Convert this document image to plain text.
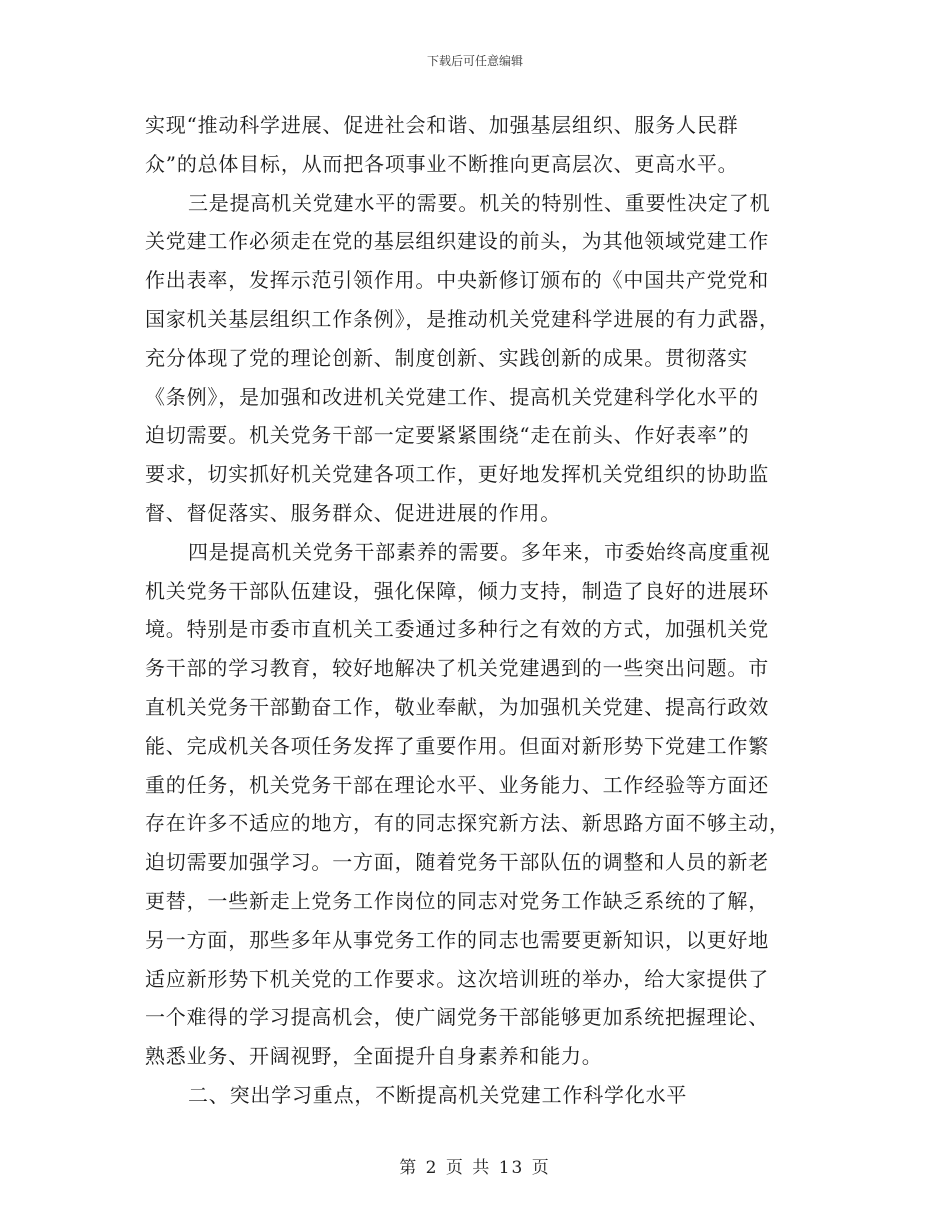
下载后可任意编辑
实现“推动科学进展、促进社会和谐、加强基层组织、服务人民群
众”的总体目标，从而把各项事业不断推向更高层次、更高水平。
三是提高机关党建水平的需要。机关的特别性、重要性决定了机
关党建工作必须走在党的基层组织建设的前头，为其他领域党建工作
作出表率，发挥示范引领作用。中央新修订颁布的《中国共产党党和
国家机关基层组织工作条例》，是推动机关党建科学进展的有力武器，
充分体现了党的理论创新、制度创新、实践创新的成果。贯彻落实
《条例》，是加强和改进机关党建工作、提高机关党建科学化水平的
迫切需要。机关党务干部一定要紧紧围绕“走在前头、作好表率”的
要求，切实抓好机关党建各项工作，更好地发挥机关党组织的协助监
督、督促落实、服务群众、促进进展的作用。
四是提高机关党务干部素养的需要。多年来，市委始终高度重视
机关党务干部队伍建设，强化保障，倾力支持，制造了良好的进展环
境。特别是市委市直机关工委通过多种行之有效的方式，加强机关党
务干部的学习教育，较好地解决了机关党建遇到的一些突出问题。市
直机关党务干部勤奋工作，敬业奉献，为加强机关党建、提高行政效
能、完成机关各项任务发挥了重要作用。但面对新形势下党建工作繁
重的任务，机关党务干部在理论水平、业务能力、工作经验等方面还
存在许多不适应的地方，有的同志探究新方法、新思路方面不够主动，
迫切需要加强学习。一方面，随着党务干部队伍的调整和人员的新老
更替，一些新走上党务工作岗位的同志对党务工作缺乏系统的了解，
另一方面，那些多年从事党务工作的同志也需要更新知识，以更好地
适应新形势下机关党的工作要求。这次培训班的举办，给大家提供了
一个难得的学习提高机会，使广阔党务干部能够更加系统把握理论、
熟悉业务、开阔视野，全面提升自身素养和能力。
二、突出学习重点，不断提高机关党建工作科学化水平
第 2 页 共 13 页
